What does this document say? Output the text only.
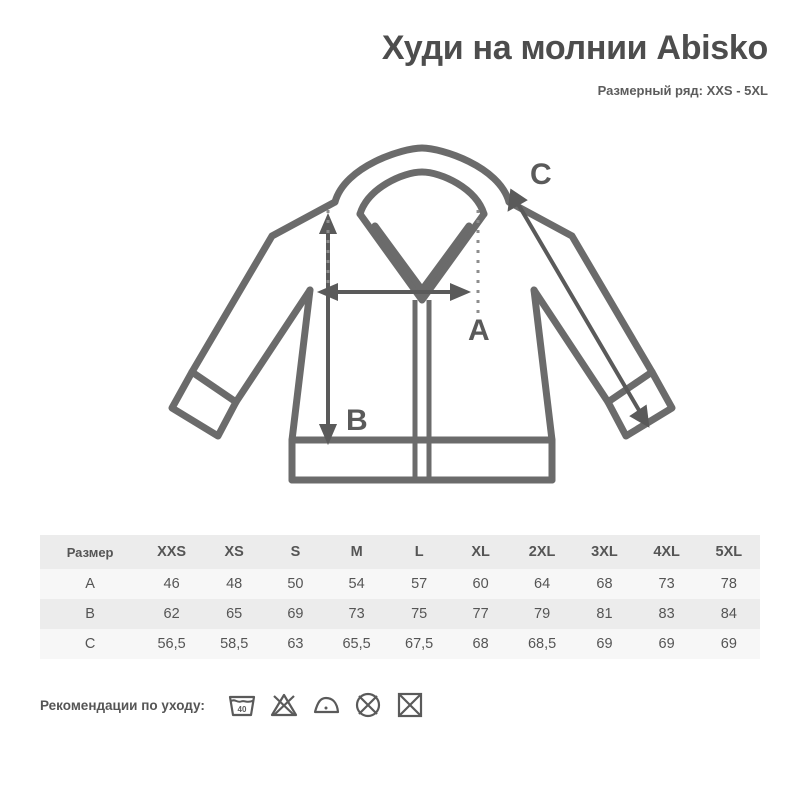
Худи на молнии Abisko
Размерный ряд: XXS - 5XL
A
B
C
Размер	XXS	XS	S	M	L	XL	2XL	3XL	4XL	5XL
A	46	48	50	54	57	60	64	68	73	78
B	62	65	69	73	75	77	79	81	83	84
C	56,5	58,5	63	65,5	67,5	68	68,5	69	69	69
Рекомендации по уходу:	40
